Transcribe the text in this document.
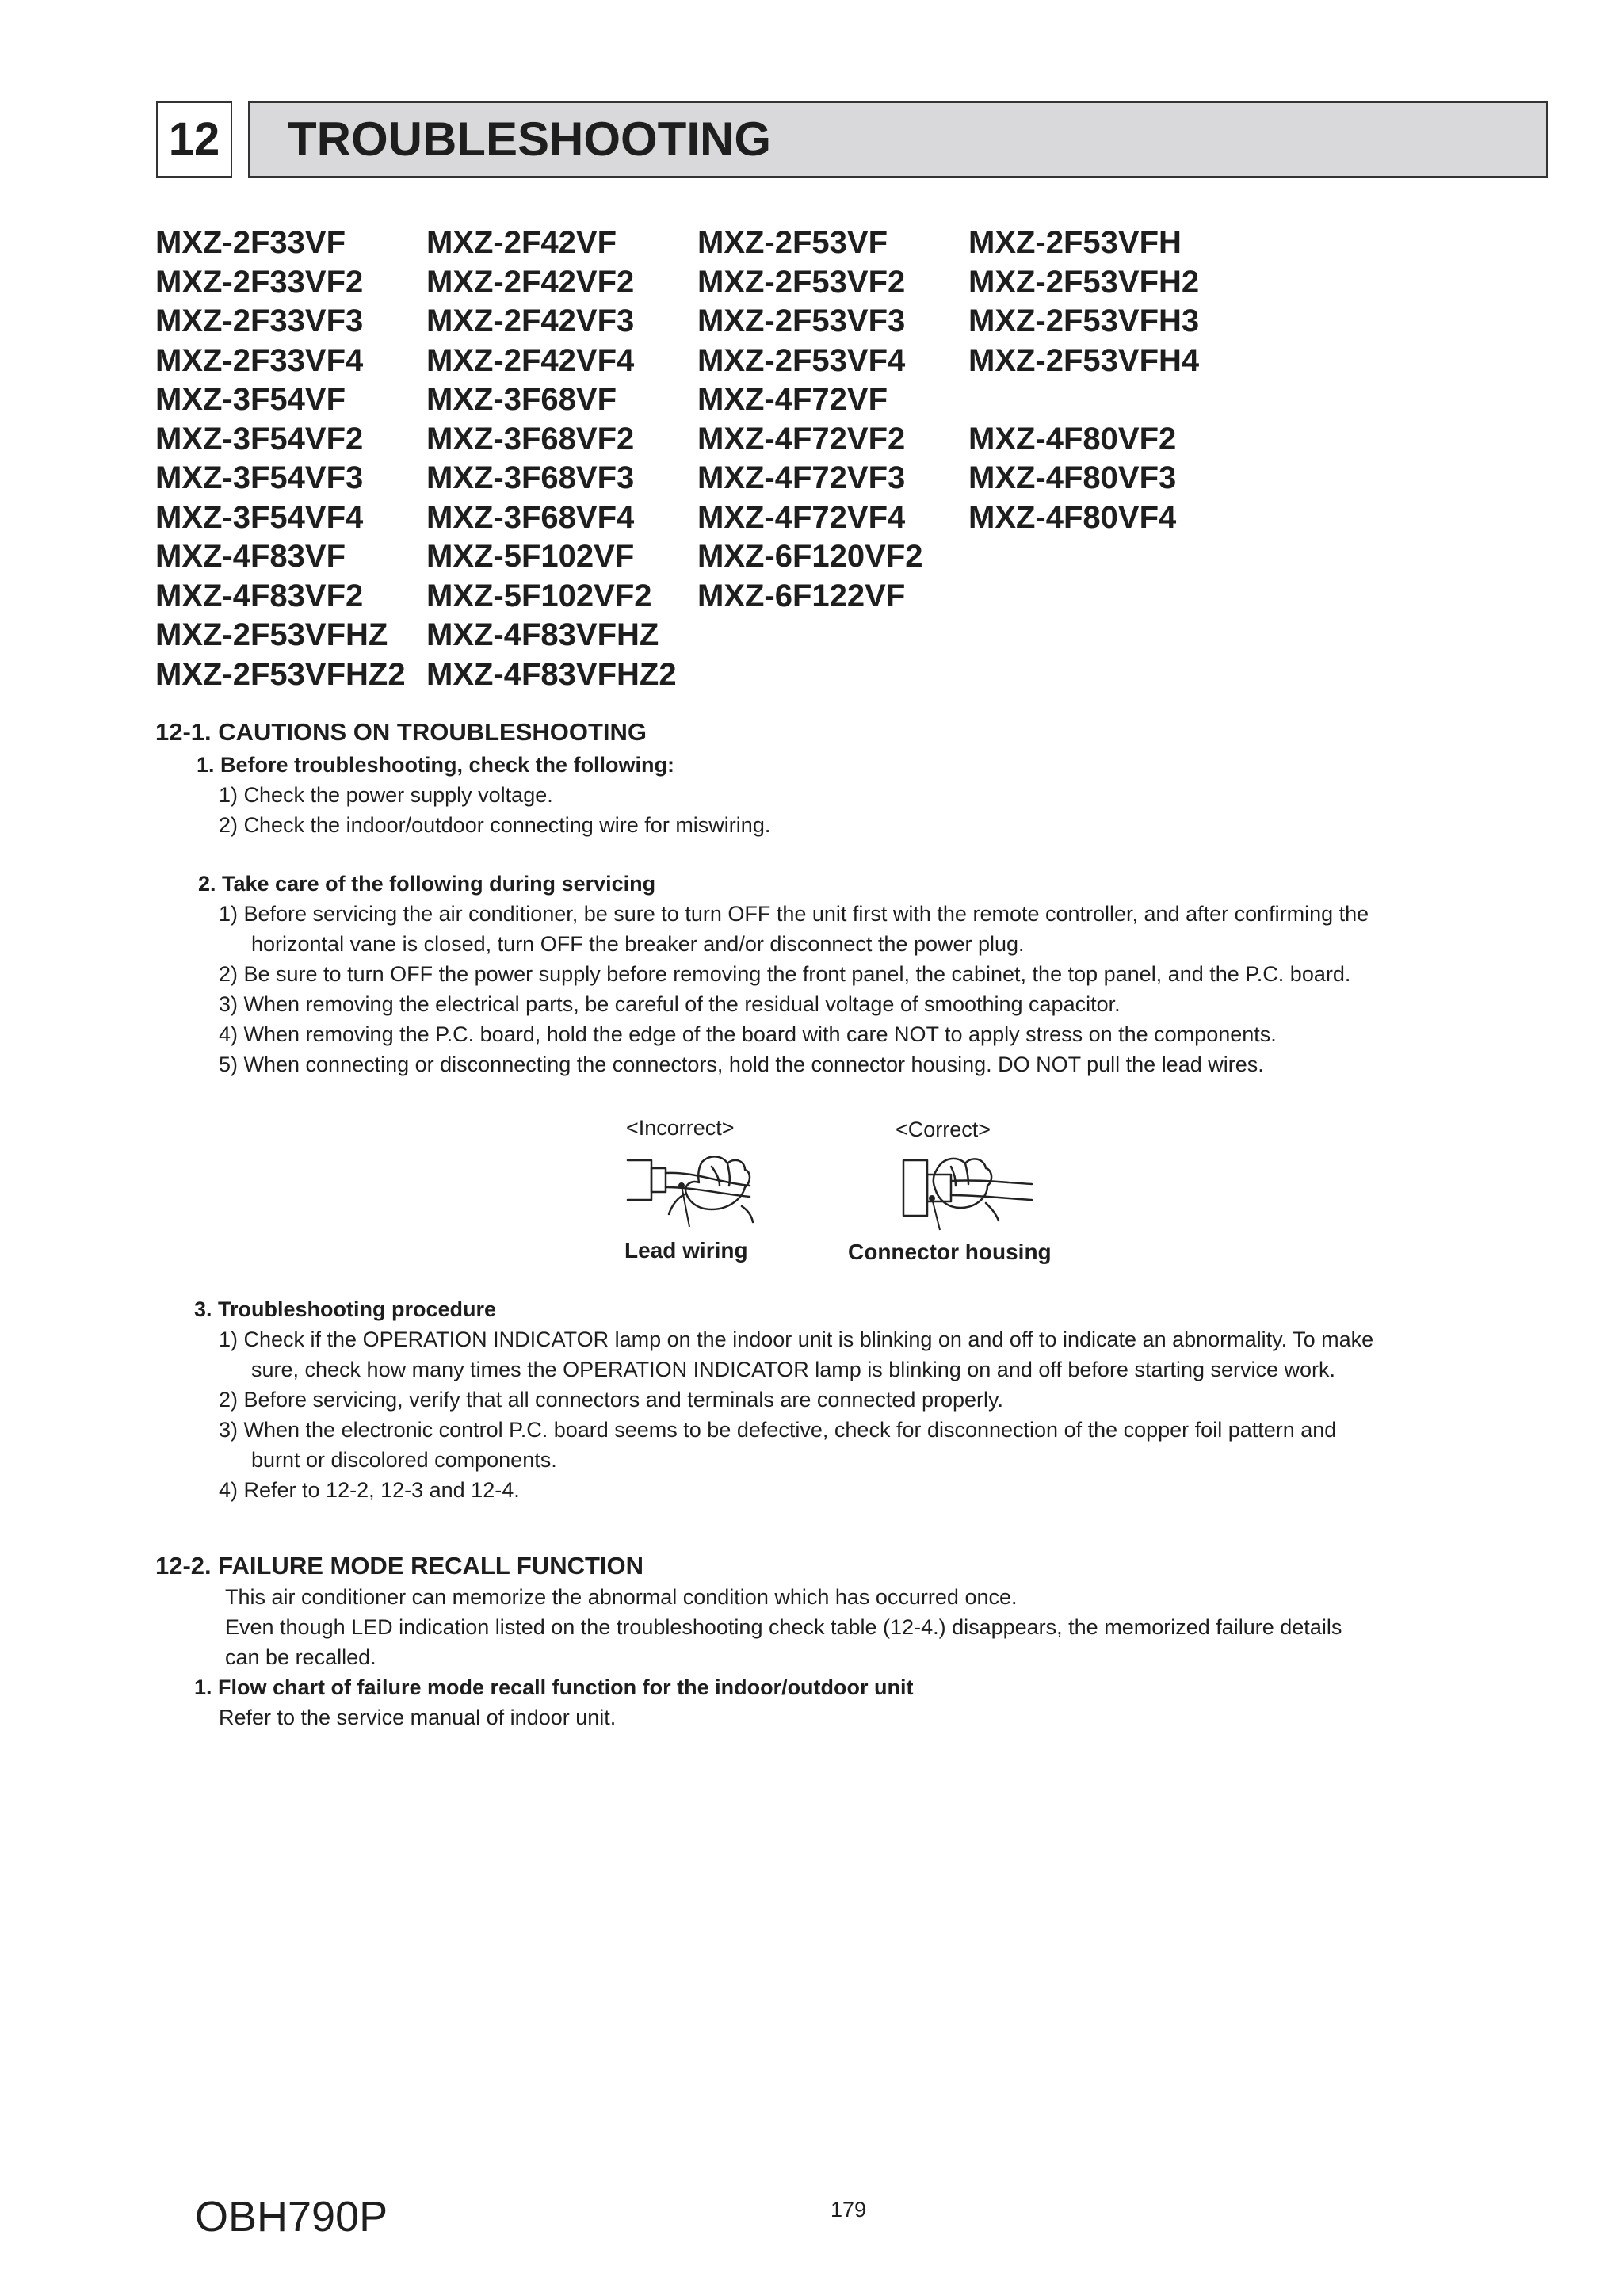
12	TROUBLESHOOTING
MXZ-2F33VF	MXZ-2F42VF	MXZ-2F53VF	MXZ-2F53VFH
MXZ-2F33VF2	MXZ-2F42VF2	MXZ-2F53VF2	MXZ-2F53VFH2
MXZ-2F33VF3	MXZ-2F42VF3	MXZ-2F53VF3	MXZ-2F53VFH3
MXZ-2F33VF4	MXZ-2F42VF4	MXZ-2F53VF4	MXZ-2F53VFH4
MXZ-3F54VF	MXZ-3F68VF	MXZ-4F72VF
MXZ-3F54VF2	MXZ-3F68VF2	MXZ-4F72VF2	MXZ-4F80VF2
MXZ-3F54VF3	MXZ-3F68VF3	MXZ-4F72VF3	MXZ-4F80VF3
MXZ-3F54VF4	MXZ-3F68VF4	MXZ-4F72VF4	MXZ-4F80VF4
MXZ-4F83VF	MXZ-5F102VF	MXZ-6F120VF2
MXZ-4F83VF2	MXZ-5F102VF2	MXZ-6F122VF
MXZ-2F53VFHZ	MXZ-4F83VFHZ
MXZ-2F53VFHZ2 MXZ-4F83VFHZ2
12-1. CAUTIONS ON TROUBLESHOOTING
1. Before troubleshooting, check the following:
1) Check the power supply voltage.
2) Check the indoor/outdoor connecting wire for miswiring.
2. Take care of the following during servicing
1) Before servicing the air conditioner, be sure to turn OFF the unit first with the remote controller, and after confirming the
horizontal vane is closed, turn OFF the breaker and/or disconnect the power plug.
2) Be sure to turn OFF the power supply before removing the front panel, the cabinet, the top panel, and the P.C. board.
3) When removing the electrical parts, be careful of the residual voltage of smoothing capacitor.
4) When removing the P.C. board, hold the edge of the board with care NOT to apply stress on the components.
5) When connecting or disconnecting the connectors, hold the connector housing. DO NOT pull the lead wires.
<Incorrect>	<Correct>
Lead wiring	Connector housing
3. Troubleshooting procedure
1) Check if the OPERATION INDICATOR lamp on the indoor unit is blinking on and off to indicate an abnormality. To make
sure, check how many times the OPERATION INDICATOR lamp is blinking on and off before starting service work.
2) Before servicing, verify that all connectors and terminals are connected properly.
3) When the electronic control P.C. board seems to be defective, check for disconnection of the copper foil pattern and
burnt or discolored components.
4) Refer to 12-2, 12-3 and 12-4.
12-2. FAILURE MODE RECALL FUNCTION
This air conditioner can memorize the abnormal condition which has occurred once.
Even though LED indication listed on the troubleshooting check table (12-4.) disappears, the memorized failure details
can be recalled.
1. Flow chart of failure mode recall function for the indoor/outdoor unit
Refer to the service manual of indoor unit.
179
OBH790P
